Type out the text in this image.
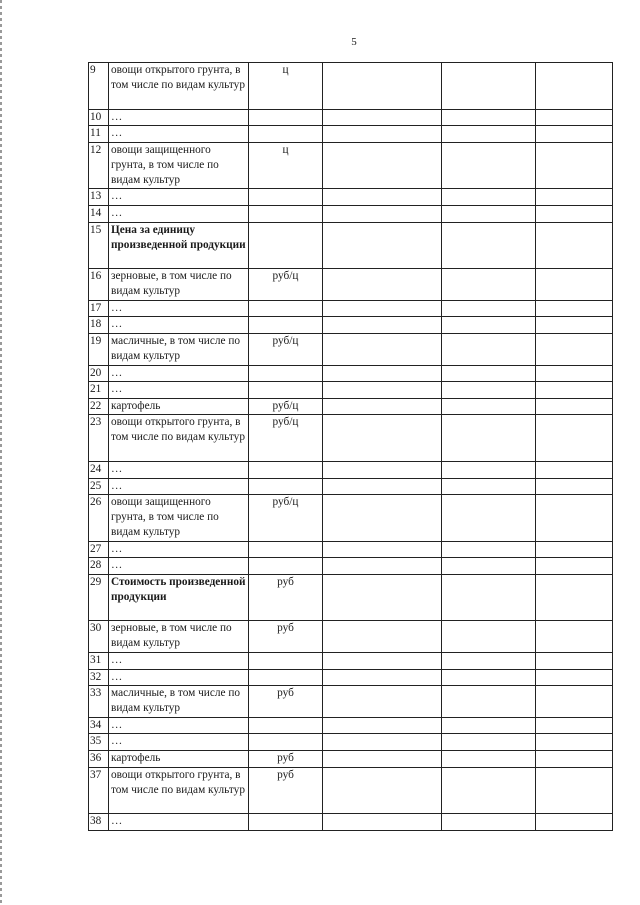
5
9	овощи открытого грунта, в том числе по видам культур	ц			
10	…				
11	…				
12	овощи защищенного грунта, в том числе по видам культур	ц			
13	…				
14	…				
15	Цена за единицу произведенной продукции				
16	зерновые, в том числе по видам культур	руб/ц			
17	…				
18	…				
19	масличные, в том числе по видам культур	руб/ц			
20	…				
21	…				
22	картофель	руб/ц			
23	овощи открытого грунта, в том числе по видам культур	руб/ц			
24	…				
25	…				
26	овощи защищенного грунта, в том числе по видам культур	руб/ц			
27	…				
28	…				
29	Стоимость произведенной продукции	руб			
30	зерновые, в том числе по видам культур	руб			
31	…				
32	…				
33	масличные, в том числе по видам культур	руб			
34	…				
35	…				
36	картофель	руб			
37	овощи открытого грунта, в том числе по видам культур	руб			
38	…				
